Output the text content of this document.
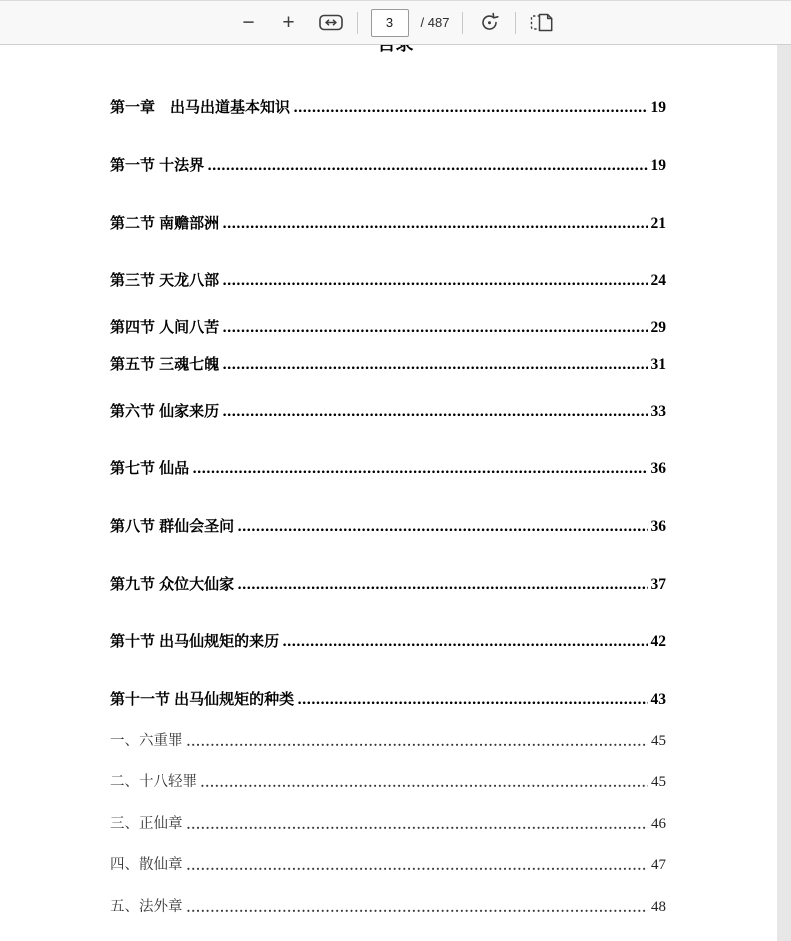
− +
3	/ 487
第一章　出马出道基本知识	19
第一节 十法界	19
第二节 南赡部洲	21
第三节 天龙八部	24
第四节 人间八苦	29
第五节 三魂七魄	31
第六节 仙家来历	33
第七节 仙品	36
第八节 群仙会圣问	36
第九节 众位大仙家	37
第十节 出马仙规矩的来历	42
第十一节 出马仙规矩的种类	43
一、六重罪	45
二、十八轻罪	45
三、正仙章	46
四、散仙章	47
五、法外章	48
